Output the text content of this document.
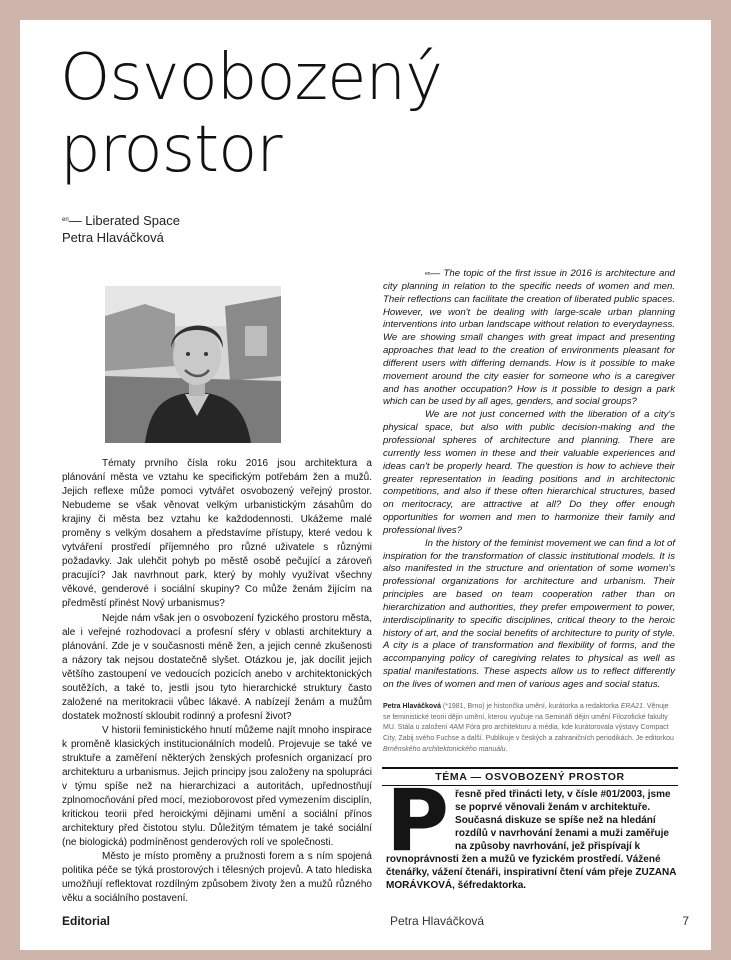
Osvobozený
prostor
$^{en}$— Liberated Space
Petra Hlaváčková

Tématy prvního čísla roku 2016 jsou architektura a plánování města ve vztahu ke specifickým potřebám žen a mužů. Jejich reflexe může pomoci vytvářet osvobozený veřejný prostor. Nebudeme se však věnovat velkým urbanistickým zásahům do krajiny či města bez vztahu ke každodennosti. Ukážeme malé proměny s velkým dosahem a představíme přístupy, které vedou k vytváření prostředí příjemného pro různé uživatele s různými požadavky. Jak ulehčit pohyb po městě osobě pečující a zároveň pracující? Jak navrhnout park, který by mohly využívat všechny věkové, genderové i sociální skupiny? Co může ženám žijícím na předměstí přinést Nový urbanismus?

Nejde nám však jen o osvobození fyzického prostoru města, ale i veřejné rozhodovací a profesní sféry v oblasti architektury a plánování. Zde je v současnosti méně žen, a jejich cenné zkušenosti a názory tak nejsou dostatečně slyšet. Otázkou je, jak docílit jejich většího zastoupení ve vedoucích pozicích anebo v architektonických soutěžích, a také to, jestli jsou tyto hierarchické struktury často založené na meritokracii vůbec lákavé. A nabízejí ženám a mužům dostatek možností skloubit rodinný a profesní život?

V historii feministického hnutí můžeme najít mnoho inspirace k proměně klasických institucionálních modelů. Projevuje se také ve struktuře a zaměření některých ženských profesních organizací pro architekturu a urbanismus. Jejich principy jsou založeny na spolupráci v týmu spíše než na hierarchizaci a autoritách, upřednostňují zplnomocňování před mocí, mezioborovost před vymezením disciplín, kritickou teorii před heroickými dějinami umění a sociální přínos architektury před čistotou stylu. Důležitým tématem je také sociální (ne biologická) podmíněnost genderových rolí ve společnosti.

Město je místo proměny a pružnosti forem a s ním spojená politika péče se týká prostorových i tělesných projevů. A tato hlediska umožňují reflektovat rozdílným způsobem životy žen a mužů různého věku a sociálního postavení.

$^{en}$— The topic of the first issue in 2016 is architecture and city planning in relation to the specific needs of women and men. Their reflections can facilitate the creation of liberated public spaces. However, we won't be dealing with large-scale urban planning interventions into urban landscape without relation to everydayness. We are showing small changes with great impact and presenting approaches that lead to the creation of environments pleasant for different users with differing demands. How is it possible to make movement around the city easier for someone who is a caregiver and has another occupation? How is it possible to design a park which can be used by all ages, genders, and social groups?

We are not just concerned with the liberation of a city's physical space, but also with public decision-making and the professional spheres of architecture and planning. There are currently less women in these and their valuable experiences and ideas can't be properly heard. The question is how to achieve their greater representation in leading positions and in architectonic competitions, and also if these often hierarchical structures, based on meritocracy, are attractive at all? Do they offer enough opportunities for women and men to harmonize their family and professional lives?

In the history of the feminist movement we can find a lot of inspiration for the transformation of classic institutional models. It is also manifested in the structure and orientation of some women's professional organizations for architecture and urbanism. Their principles are based on team cooperation rather than on hierarchization and authorities, they prefer empowerment to power, interdisciplinarity to specific disciplines, critical theory to the heroic history of art, and the social benefits of architecture to purity of style. A city is a place of transformation and flexibility of forms, and the accompanying policy of caregiving relates to physical as well as spatial manifestations. These aspects allow us to reflect differently on the lives of women and men of various ages and social status.

Petra Hlaváčková (*1981, Brno) je historička umění, kurátorka a redaktorka ERA21. Věnuje se feministické teorii dějin umění, kterou vyučuje na Semináři dějin umění Filozofické fakulty MU. Stála u založení 4AM Fóra pro architekturu a média, kde kurátorovala výstavy Compact City, Zabij svého Fuchse a další. Publikuje v českých a zahraničních periodikách. Je editorkou Brněnského architektonického manuálu.
TÉMA — OSVOBOZENÝ PROSTOR
P řesně před třinácti lety, v čísle #01/2003, jsme se poprvé věnovali ženám v architektuře. Současná diskuze se spíše než na hledání rozdílů v navrhování ženami a muži zaměřuje na způsoby navrhování, jež přispívají k rovnoprávnosti žen a mužů ve fyzickém prostředí. Vážené čtenářky, vážení čtenáři, inspirativní čtení vám přeje ZUZANA MORÁVKOVÁ, šéfredaktorka.

Editorial	Petra Hlaváčková	7
